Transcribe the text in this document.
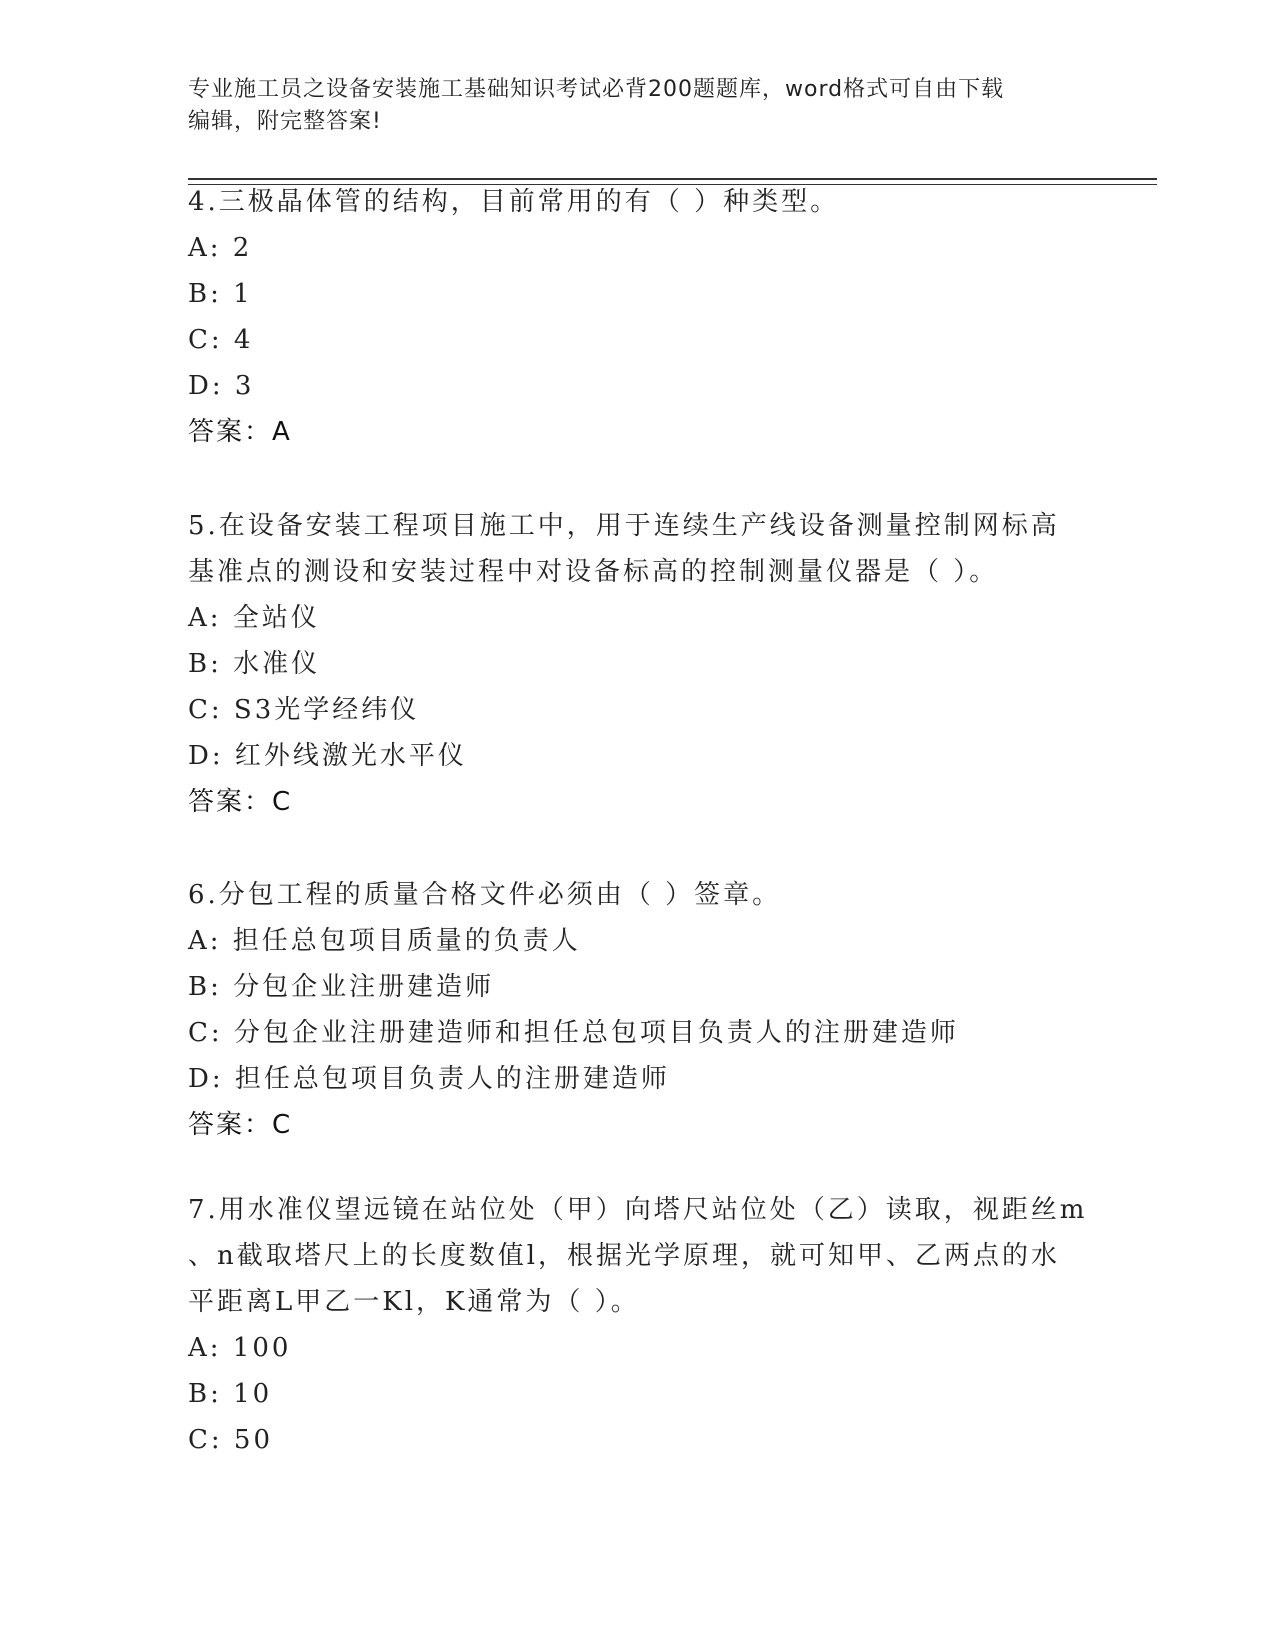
专业施工员之设备安装施工基础知识考试必背200题题库，word格式可自由下载
编辑，附完整答案!
4.三极晶体管的结构，目前常用的有（ ）种类型。
A: 2
B: 1
C: 4
D: 3
答案：A
5.在设备安装工程项目施工中，用于连续生产线设备测量控制网标高
基准点的测设和安装过程中对设备标高的控制测量仪器是（ ）。
A: 全站仪
B: 水准仪
C: S3光学经纬仪
D: 红外线激光水平仪
答案：C
6.分包工程的质量合格文件必须由（ ）签章。
A: 担任总包项目质量的负责人
B: 分包企业注册建造师
C: 分包企业注册建造师和担任总包项目负责人的注册建造师
D: 担任总包项目负责人的注册建造师
答案：C
7.用水准仪望远镜在站位处（甲）向塔尺站位处（乙）读取，视距丝m
、n截取塔尺上的长度数值l，根据光学原理，就可知甲、乙两点的水
平距离L甲乙一Kl，K通常为（ ）。
A: 100
B: 10
C: 50
